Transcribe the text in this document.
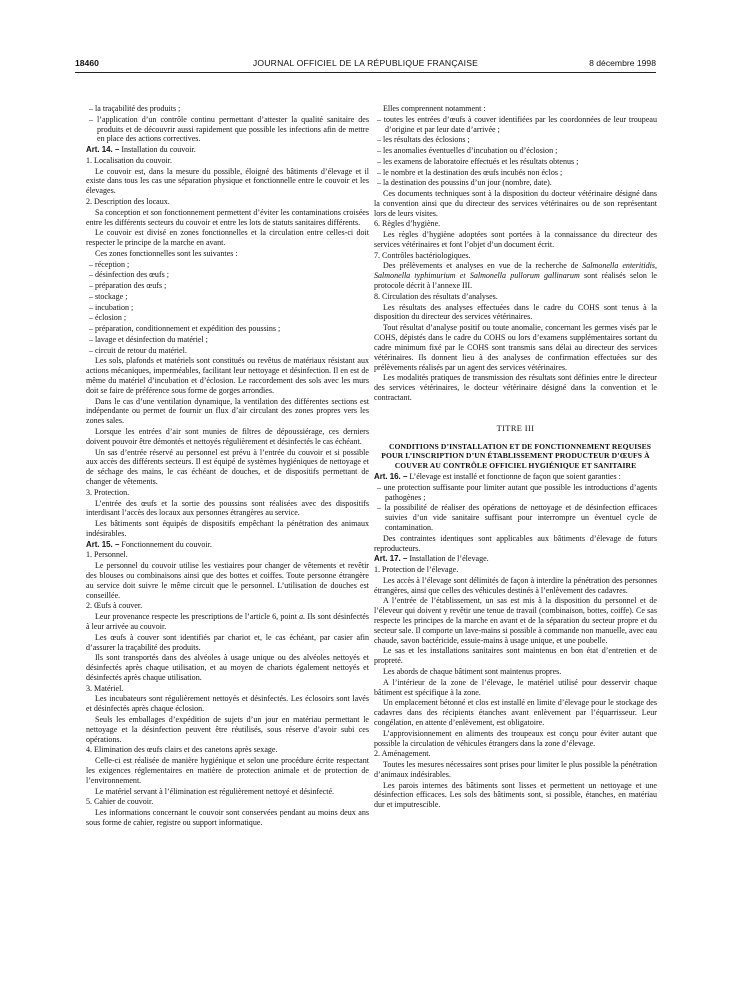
18460	JOURNAL OFFICIEL DE LA RÉPUBLIQUE FRANÇAISE	8 décembre 1998

– la traçabilité des produits ;

– l’application d’un contrôle continu permettant d’attester la qualité sanitaire des produits et de découvrir aussi rapidement que possible les infections afin de mettre en place des actions correctives.

Art. 14. – Installation du couvoir.

1. Localisation du couvoir.

Le couvoir est, dans la mesure du possible, éloigné des bâtiments d’élevage et il existe dans tous les cas une séparation physique et fonctionnelle entre le couvoir et les élevages.

2. Description des locaux.

Sa conception et son fonctionnement permettent d’éviter les contaminations croisées entre les différents secteurs du couvoir et entre les lots de statuts sanitaires différents.

Le couvoir est divisé en zones fonctionnelles et la circulation entre celles-ci doit respecter le principe de la marche en avant.

Ces zones fonctionnelles sont les suivantes :

– réception ;

– désinfection des œufs ;

– préparation des œufs ;

– stockage ;

– incubation ;

– éclosion ;

– préparation, conditionnement et expédition des poussins ;

– lavage et désinfection du matériel ;

– circuit de retour du matériel.

Les sols, plafonds et matériels sont constitués ou revêtus de matériaux résistant aux actions mécaniques, imperméables, facilitant leur nettoyage et désinfection. Il en est de même du matériel d’incubation et d’éclosion. Le raccordement des sols avec les murs doit se faire de préférence sous forme de gorges arrondies.

Dans le cas d’une ventilation dynamique, la ventilation des différentes sections est indépendante ou permet de fournir un flux d’air circulant des zones propres vers les zones sales.

Lorsque les entrées d’air sont munies de filtres de dépoussiérage, ces derniers doivent pouvoir être démontés et nettoyés régulièrement et désinfectés le cas échéant.

Un sas d’entrée réservé au personnel est prévu à l’entrée du couvoir et si possible aux accès des différents secteurs. Il est équipé de systèmes hygiéniques de nettoyage et de séchage des mains, le cas échéant de douches, et de dispositifs permettant de changer de vêtements.

3. Protection.

L’entrée des œufs et la sortie des poussins sont réalisées avec des dispositifs interdisant l’accès des locaux aux personnes étrangères au service.

Les bâtiments sont équipés de dispositifs empêchant la pénétration des animaux indésirables.

Art. 15. – Fonctionnement du couvoir.

1. Personnel.

Le personnel du couvoir utilise les vestiaires pour changer de vêtements et revêtir des blouses ou combinaisons ainsi que des bottes et coiffes. Toute personne étrangère au service doit suivre le même circuit que le personnel. L’utilisation de douches est conseillée.

2. Œufs à couver.

Leur provenance respecte les prescriptions de l’article 6, point a. Ils sont désinfectés à leur arrivée au couvoir.

Les œufs à couver sont identifiés par chariot et, le cas échéant, par casier afin d’assurer la traçabilité des produits.

Ils sont transportés dans des alvéoles à usage unique ou des alvéoles nettoyés et désinfectés après chaque utilisation, et au moyen de chariots également nettoyés et désinfectés après chaque utilisation.

3. Matériel.

Les incubateurs sont régulièrement nettoyés et désinfectés. Les éclosoirs sont lavés et désinfectés après chaque éclosion.

Seuls les emballages d’expédition de sujets d’un jour en matériau permettant le nettoyage et la désinfection peuvent être réutilisés, sous réserve d’avoir subi ces opérations.

4. Elimination des œufs clairs et des canetons après sexage.

Celle-ci est réalisée de manière hygiénique et selon une procédure écrite respectant les exigences réglementaires en matière de protection animale et de protection de l’environnement.

Le matériel servant à l’élimination est régulièrement nettoyé et désinfecté.

5. Cahier de couvoir.

Les informations concernant le couvoir sont conservées pendant au moins deux ans sous forme de cahier, registre ou support informatique.

Elles comprennent notamment :

– toutes les entrées d’œufs à couver identifiées par les coordonnées de leur troupeau d’origine et par leur date d’arrivée ;

– les résultats des éclosions ;

– les anomalies éventuelles d’incubation ou d’éclosion ;

– les examens de laboratoire effectués et les résultats obtenus ;

– le nombre et la destination des œufs incubés non éclos ;

– la destination des poussins d’un jour (nombre, date).

Ces documents techniques sont à la disposition du docteur vétérinaire désigné dans la convention ainsi que du directeur des services vétérinaires ou de son représentant lors de leurs visites.

6. Règles d’hygiène.

Les règles d’hygiène adoptées sont portées à la connaissance du directeur des services vétérinaires et font l’objet d’un document écrit.

7. Contrôles bactériologiques.

Des prélèvements et analyses en vue de la recherche de Salmonella enteritidis, Salmonella typhimurium et Salmonella pullorum gallinarum sont réalisés selon le protocole décrit à l’annexe III.

8. Circulation des résultats d’analyses.

Les résultats des analyses effectuées dans le cadre du COHS sont tenus à la disposition du directeur des services vétérinaires.

Tout résultat d’analyse positif ou toute anomalie, concernant les germes visés par le COHS, dépistés dans le cadre du COHS ou lors d’examens supplémentaires sortant du cadre minimum fixé par le COHS sont transmis sans délai au directeur des services vétérinaires. Ils donnent lieu à des analyses de confirmation effectuées sur des prélèvements réalisés par un agent des services vétérinaires.

Les modalités pratiques de transmission des résultats sont définies entre le directeur des services vétérinaires, le docteur vétérinaire désigné dans la convention et le contractant.

TITRE III

CONDITIONS D’INSTALLATION ET DE FONCTIONNEMENT REQUISES POUR L’INSCRIPTION D’UN ÉTABLISSEMENT PRODUCTEUR D’ŒUFS À COUVER AU CONTRÔLE OFFICIEL HYGIÉNIQUE ET SANITAIRE

Art. 16. – L’élevage est installé et fonctionne de façon que soient garanties :

– une protection suffisante pour limiter autant que possible les introductions d’agents pathogènes ;

– la possibilité de réaliser des opérations de nettoyage et de désinfection efficaces suivies d’un vide sanitaire suffisant pour interrompre un éventuel cycle de contamination.

Des contraintes identiques sont applicables aux bâtiments d’élevage de futurs reproducteurs.

Art. 17. – Installation de l’élevage.

1. Protection de l’élevage.

Les accès à l’élevage sont délimités de façon à interdire la pénétration des personnes étrangères, ainsi que celles des véhicules destinés à l’enlèvement des cadavres.

A l’entrée de l’établissement, un sas est mis à la disposition du personnel et de l’éleveur qui doivent y revêtir une tenue de travail (combinaison, bottes, coiffe). Ce sas respecte les principes de la marche en avant et de la séparation du secteur propre et du secteur sale. Il comporte un lave-mains si possible à commande non manuelle, avec eau chaude, savon bactéricide, essuie-mains à usage unique, et une poubelle.

Le sas et les installations sanitaires sont maintenus en bon état d’entretien et de propreté.

Les abords de chaque bâtiment sont maintenus propres.

A l’intérieur de la zone de l’élevage, le matériel utilisé pour desservir chaque bâtiment est spécifique à la zone.

Un emplacement bétonné et clos est installé en limite d’élevage pour le stockage des cadavres dans des récipients étanches avant enlèvement par l’équarrisseur. Leur congélation, en attente d’enlèvement, est obligatoire.

L’approvisionnement en aliments des troupeaux est conçu pour éviter autant que possible la circulation de véhicules étrangers dans la zone d’élevage.

2. Aménagement.

Toutes les mesures nécessaires sont prises pour limiter le plus possible la pénétration d’animaux indésirables.

Les parois internes des bâtiments sont lisses et permettent un nettoyage et une désinfection efficaces. Les sols des bâtiments sont, si possible, étanches, en matériau dur et imputrescible.
